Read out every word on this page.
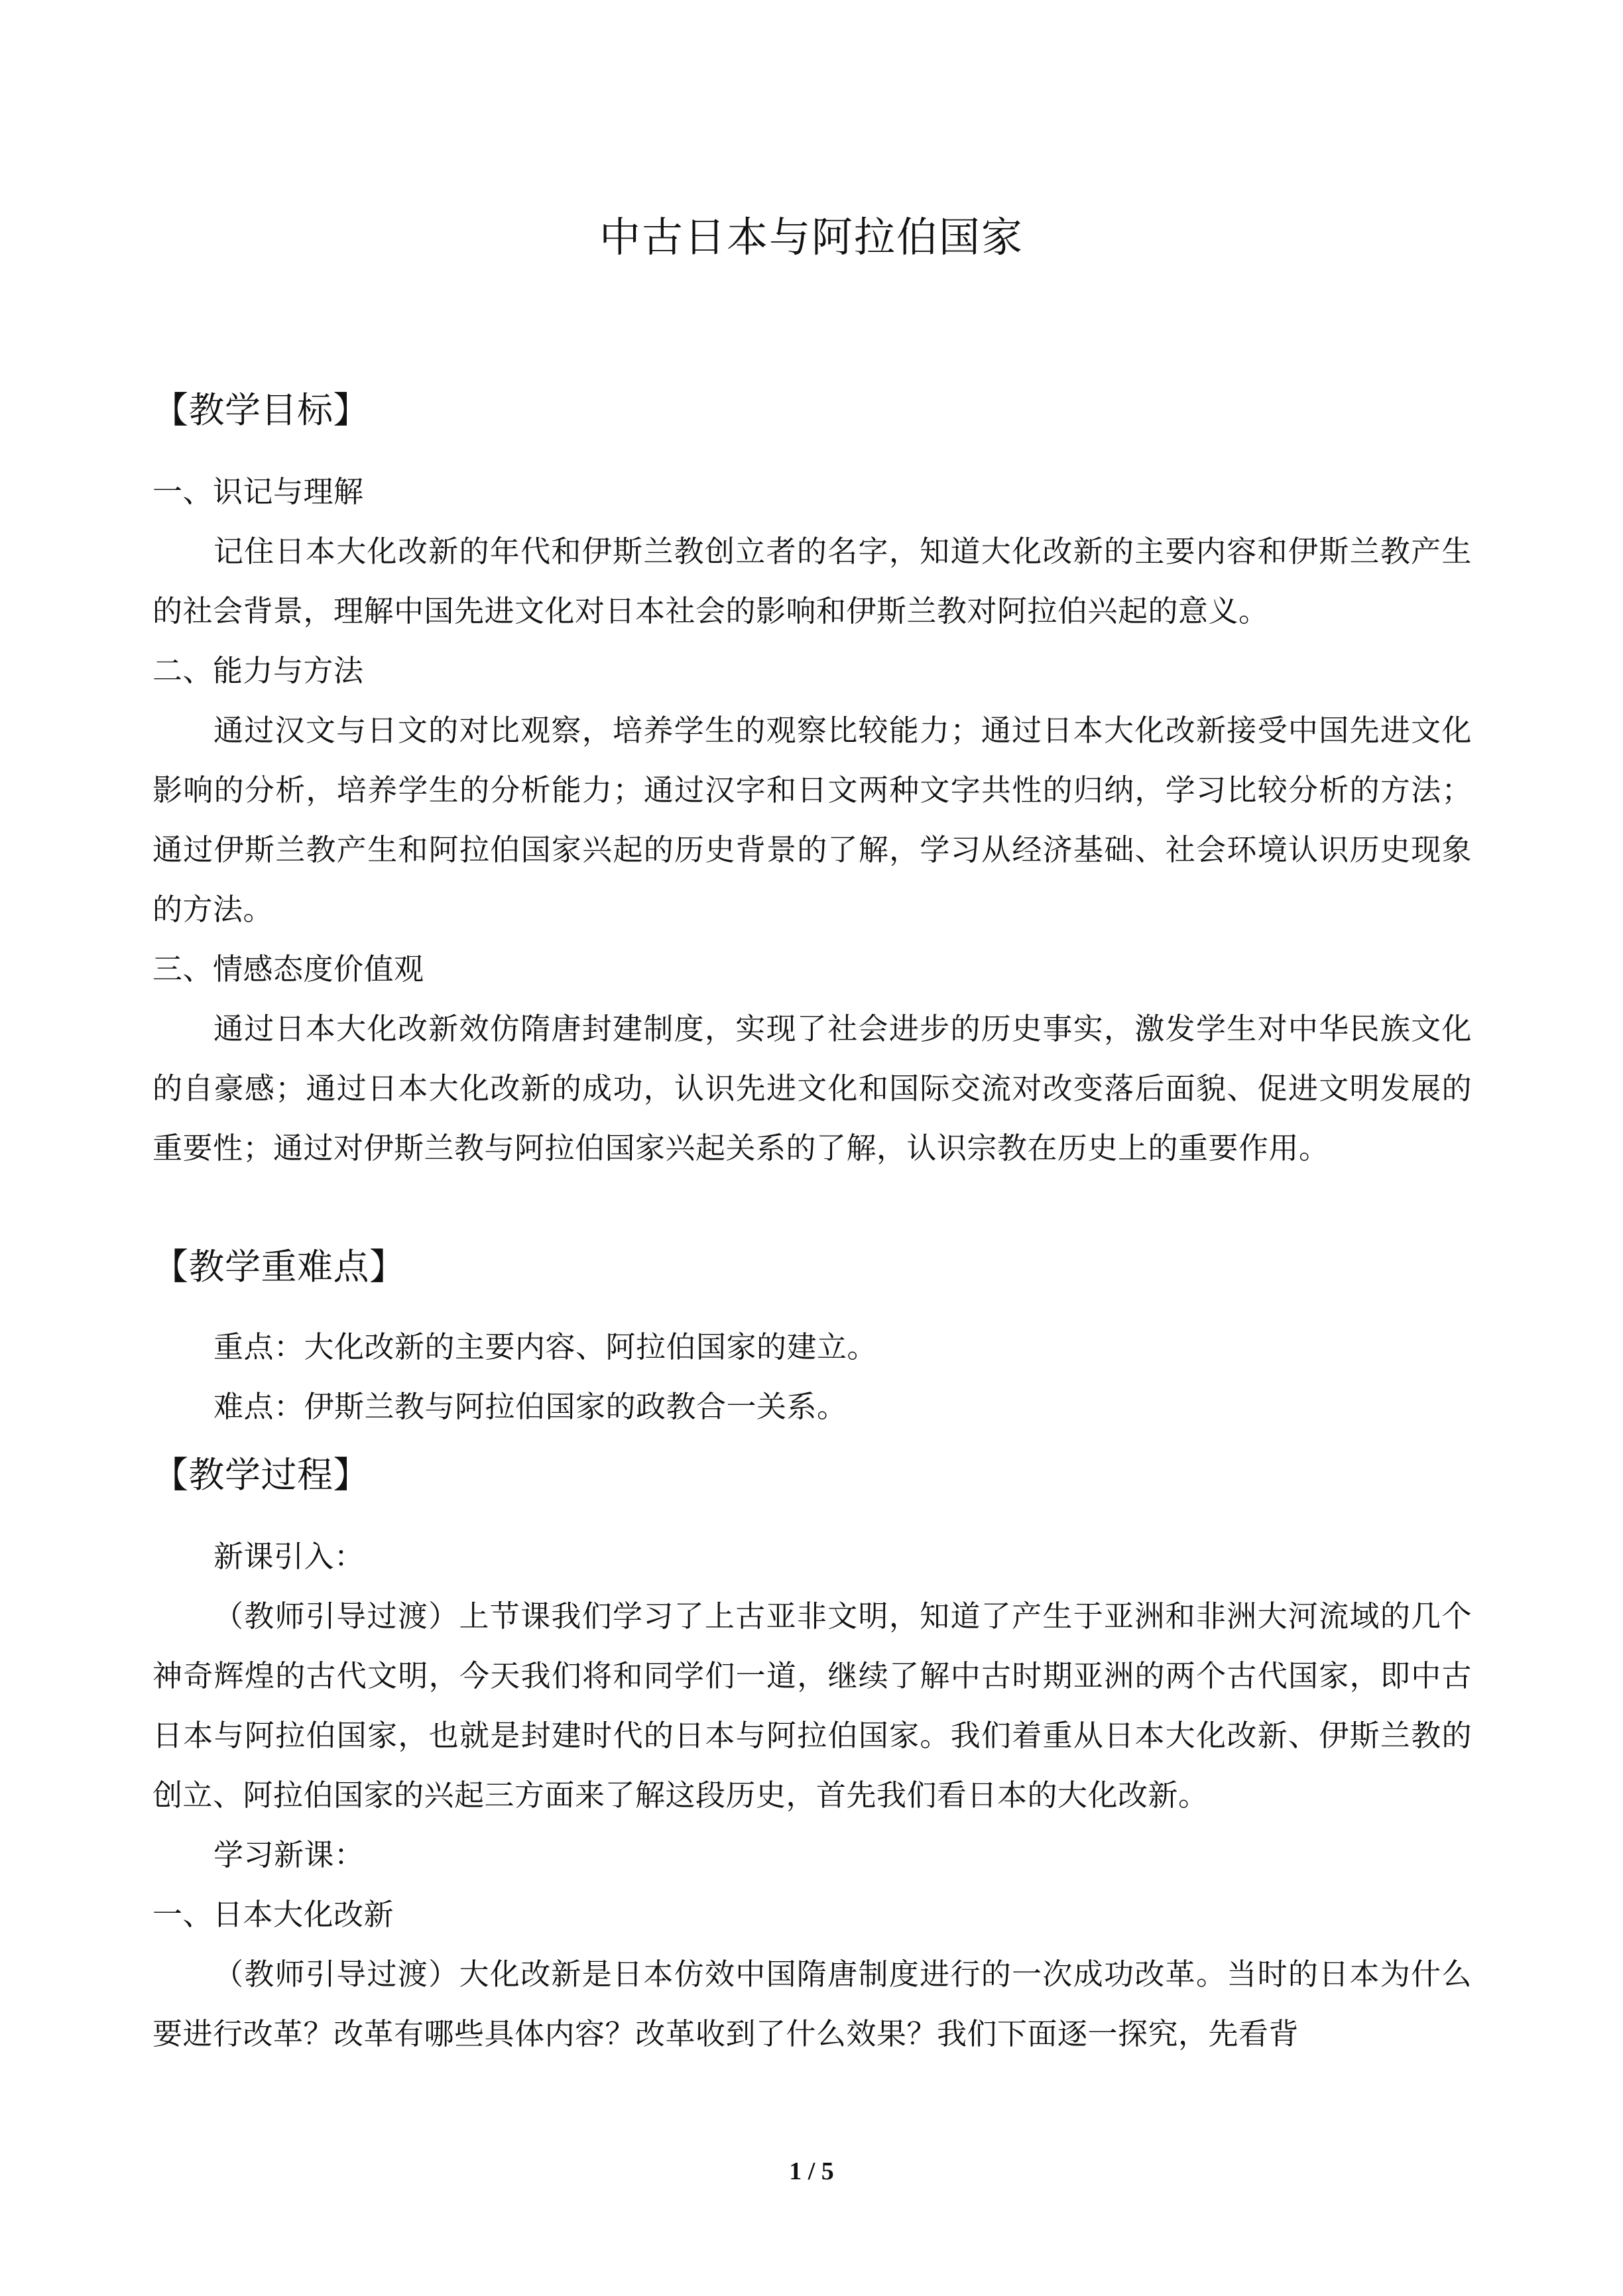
中古日本与阿拉伯国家

【教学目标】

一、识记与理解

记住日本大化改新的年代和伊斯兰教创立者的名字，知道大化改新的主要内容和伊斯兰教产生的社会背景，理解中国先进文化对日本社会的影响和伊斯兰教对阿拉伯兴起的意义。

二、能力与方法

通过汉文与日文的对比观察，培养学生的观察比较能力；通过日本大化改新接受中国先进文化影响的分析，培养学生的分析能力；通过汉字和日文两种文字共性的归纳，学习比较分析的方法；通过伊斯兰教产生和阿拉伯国家兴起的历史背景的了解，学习从经济基础、社会环境认识历史现象的方法。

三、情感态度价值观

通过日本大化改新效仿隋唐封建制度，实现了社会进步的历史事实，激发学生对中华民族文化的自豪感；通过日本大化改新的成功，认识先进文化和国际交流对改变落后面貌、促进文明发展的重要性；通过对伊斯兰教与阿拉伯国家兴起关系的了解，认识宗教在历史上的重要作用。

【教学重难点】

重点：大化改新的主要内容、阿拉伯国家的建立。

难点：伊斯兰教与阿拉伯国家的政教合一关系。

【教学过程】

新课引入：

（教师引导过渡）上节课我们学习了上古亚非文明，知道了产生于亚洲和非洲大河流域的几个神奇辉煌的古代文明，今天我们将和同学们一道，继续了解中古时期亚洲的两个古代国家，即中古日本与阿拉伯国家，也就是封建时代的日本与阿拉伯国家。我们着重从日本大化改新、伊斯兰教的创立、阿拉伯国家的兴起三方面来了解这段历史，首先我们看日本的大化改新。

学习新课：

一、日本大化改新

（教师引导过渡）大化改新是日本仿效中国隋唐制度进行的一次成功改革。当时的日本为什么要进行改革？改革有哪些具体内容？改革收到了什么效果？我们下面逐一探究，先看背

1 / 5
